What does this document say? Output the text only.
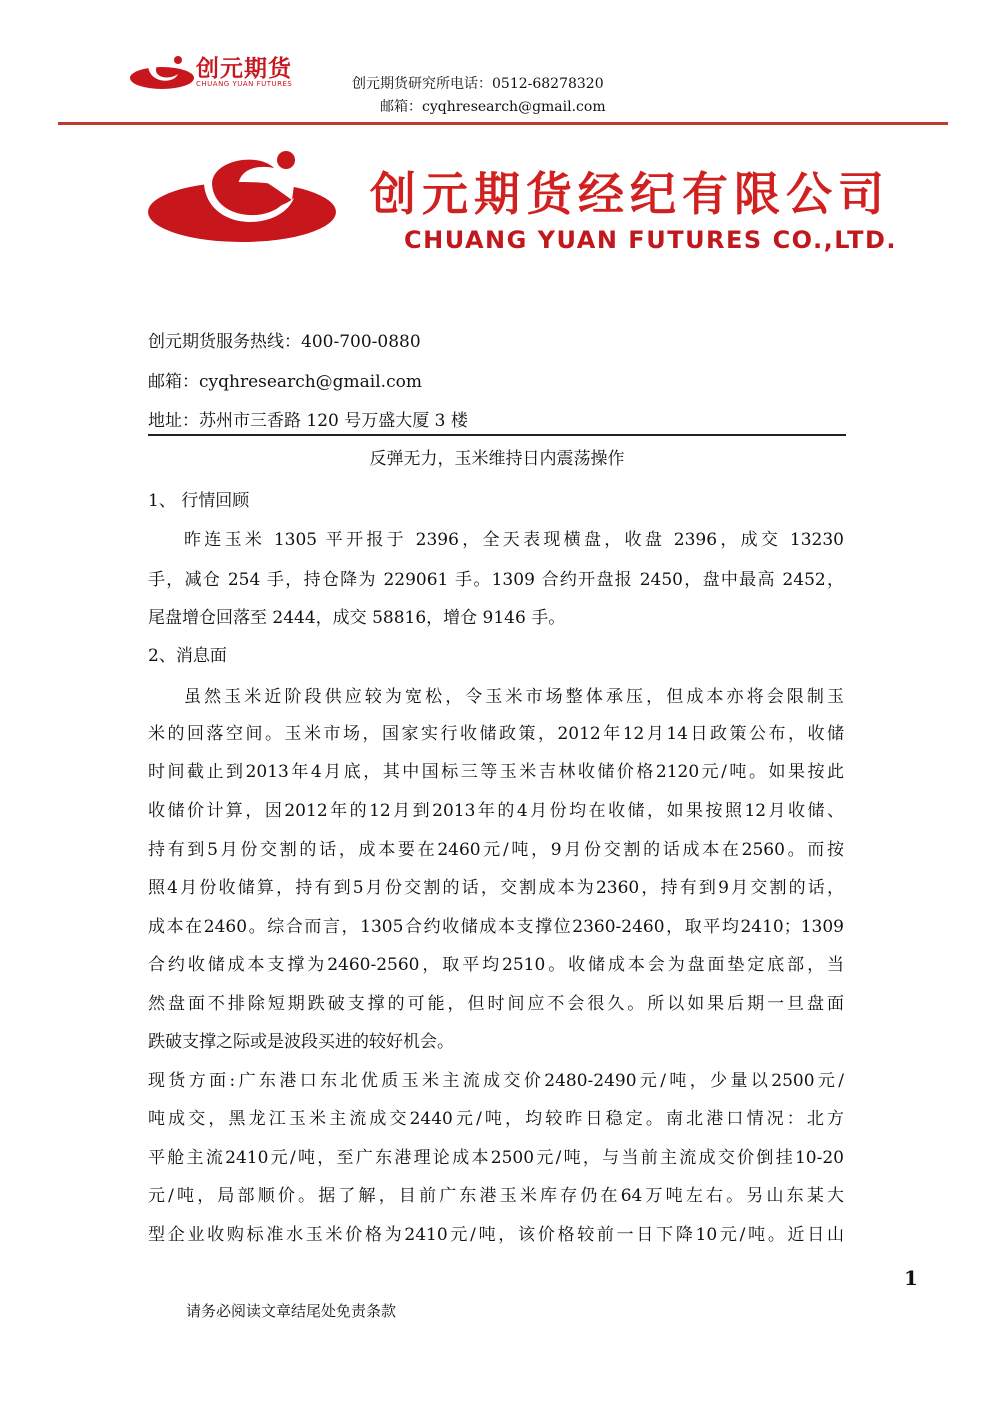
创元期货
CHUANG YUAN FUTURES	创元期货研究所电话：0512-68278320
邮箱：cyqhresearch@gmail.com
创元期货经纪有限公司
CHUANG YUAN FUTURES CO.,LTD.
创元期货服务热线：400-700-0880
邮箱：cyqhresearch@gmail.com
地址：苏州市三香路 120 号万盛大厦 3 楼
反弹无力，玉米维持日内震荡操作
1、 行情回顾
昨连玉米 1305 平开报于 2396，全天表现横盘，收盘 2396，成交 13230
手，减仓 254 手，持仓降为 229061 手。1309 合约开盘报 2450，盘中最高 2452，
尾盘增仓回落至 2444，成交 58816，增仓 9146 手。
2、消息面
虽然玉米近阶段供应较为宽松，令玉米市场整体承压，但成本亦将会限制玉
米的回落空间。玉米市场，国家实行收储政策，2012年12月14日政策公布，收储
时间截止到2013年4月底，其中国标三等玉米吉林收储价格2120元/吨。如果按此
收储价计算，因2012年的12月到2013年的4月份均在收储，如果按照12月收储、
持有到5月份交割的话，成本要在2460元/吨，9月份交割的话成本在2560。而按
照4月份收储算，持有到5月份交割的话，交割成本为2360，持有到9月交割的话，
成本在2460。综合而言，1305合约收储成本支撑位2360-2460，取平均2410；1309
合约收储成本支撑为2460-2560，取平均2510。收储成本会为盘面垫定底部，当
然盘面不排除短期跌破支撑的可能，但时间应不会很久。所以如果后期一旦盘面
跌破支撑之际或是波段买进的较好机会。
现货方面:广东港口东北优质玉米主流成交价2480-2490元/吨，少量以2500元/
吨成交，黑龙江玉米主流成交2440元/吨，均较昨日稳定。南北港口情况：北方
平舱主流2410元/吨，至广东港理论成本2500元/吨，与当前主流成交价倒挂10-20
元/吨，局部顺价。据了解，目前广东港玉米库存仍在64万吨左右。另山东某大
型企业收购标准水玉米价格为2410元/吨，该价格较前一日下降10元/吨。近日山
1
请务必阅读文章结尾处免责条款
